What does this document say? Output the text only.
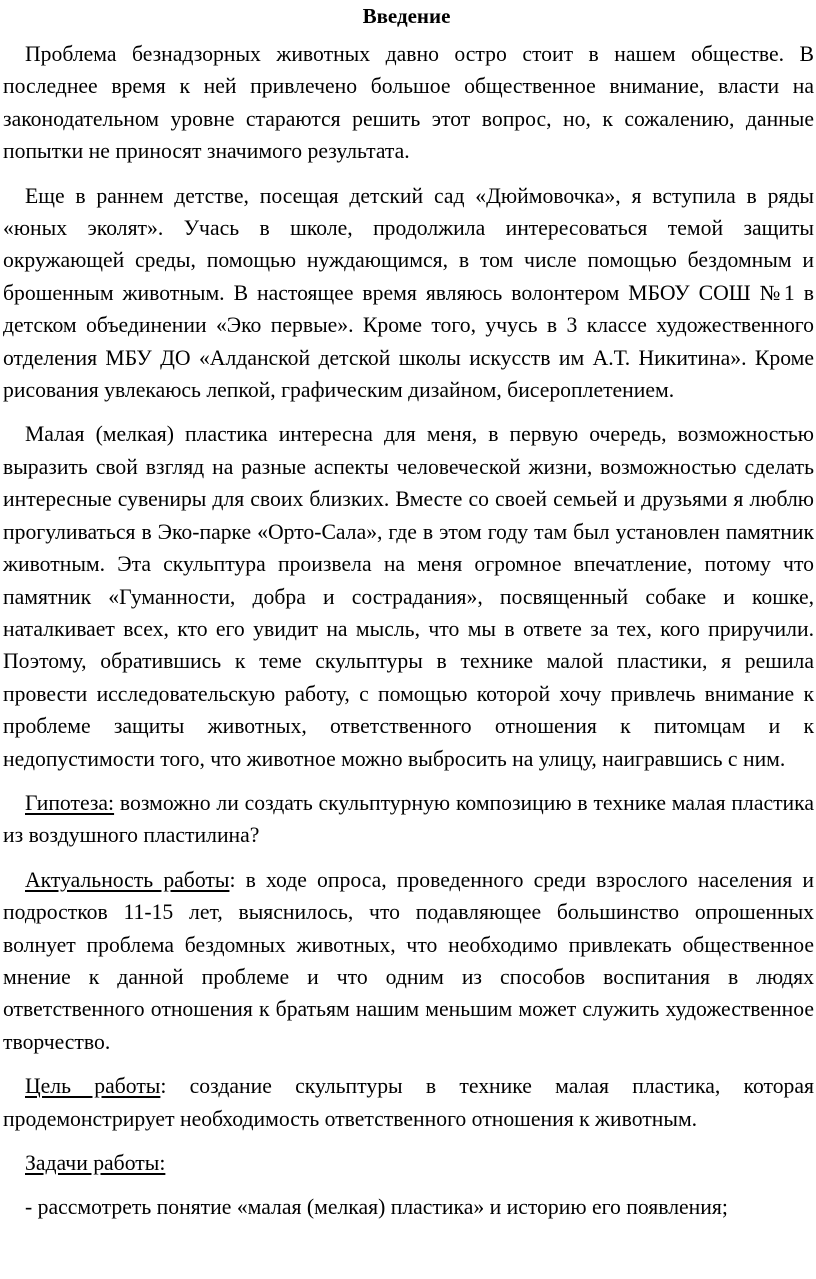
Введение

Проблема безнадзорных животных давно остро стоит в нашем обществе. В последнее время к ней привлечено большое общественное внимание, власти на законодательном уровне стараются решить этот вопрос, но, к сожалению, данные попытки не приносят значимого результата.

Еще в раннем детстве, посещая детский сад «Дюймовочка», я вступила в ряды «юных эколят». Учась в школе, продолжила интересоваться темой защиты окружающей среды, помощью нуждающимся, в том числе помощью бездомным и брошенным животным. В настоящее время являюсь волонтером МБОУ СОШ №1 в детском объединении «Эко первые». Кроме того, учусь в 3 классе художественного отделения МБУ ДО «Алданской детской школы искусств им А.Т. Никитина». Кроме рисования увлекаюсь лепкой, графическим дизайном, бисероплетением.

Малая (мелкая) пластика интересна для меня, в первую очередь, возможностью выразить свой взгляд на разные аспекты человеческой жизни, возможностью сделать интересные сувениры для своих близких. Вместе со своей семьей и друзьями я люблю прогуливаться в Эко-парке «Орто-Сала», где в этом году там был установлен памятник животным. Эта скульптура произвела на меня огромное впечатление, потому что памятник «Гуманности, добра и сострадания», посвященный собаке и кошке, наталкивает всех, кто его увидит на мысль, что мы в ответе за тех, кого приручили. Поэтому, обратившись к теме скульптуры в технике малой пластики, я решила провести исследовательскую работу, с помощью которой хочу привлечь внимание к проблеме защиты животных, ответственного отношения к питомцам и к недопустимости того, что животное можно выбросить на улицу, наигравшись с ним.

Гипотеза: возможно ли создать скульптурную композицию в технике малая пластика из воздушного пластилина?

Актуальность работы: в ходе опроса, проведенного среди взрослого населения и подростков 11-15 лет, выяснилось, что подавляющее большинство опрошенных волнует проблема бездомных животных, что необходимо привлекать общественное мнение к данной проблеме и что одним из способов воспитания в людях ответственного отношения к братьям нашим меньшим может служить художественное творчество.

Цель работы: создание скульптуры в технике малая пластика, которая продемонстрирует необходимость ответственного отношения к животным.

Задачи работы:

- рассмотреть понятие «малая (мелкая) пластика» и историю его появления;
